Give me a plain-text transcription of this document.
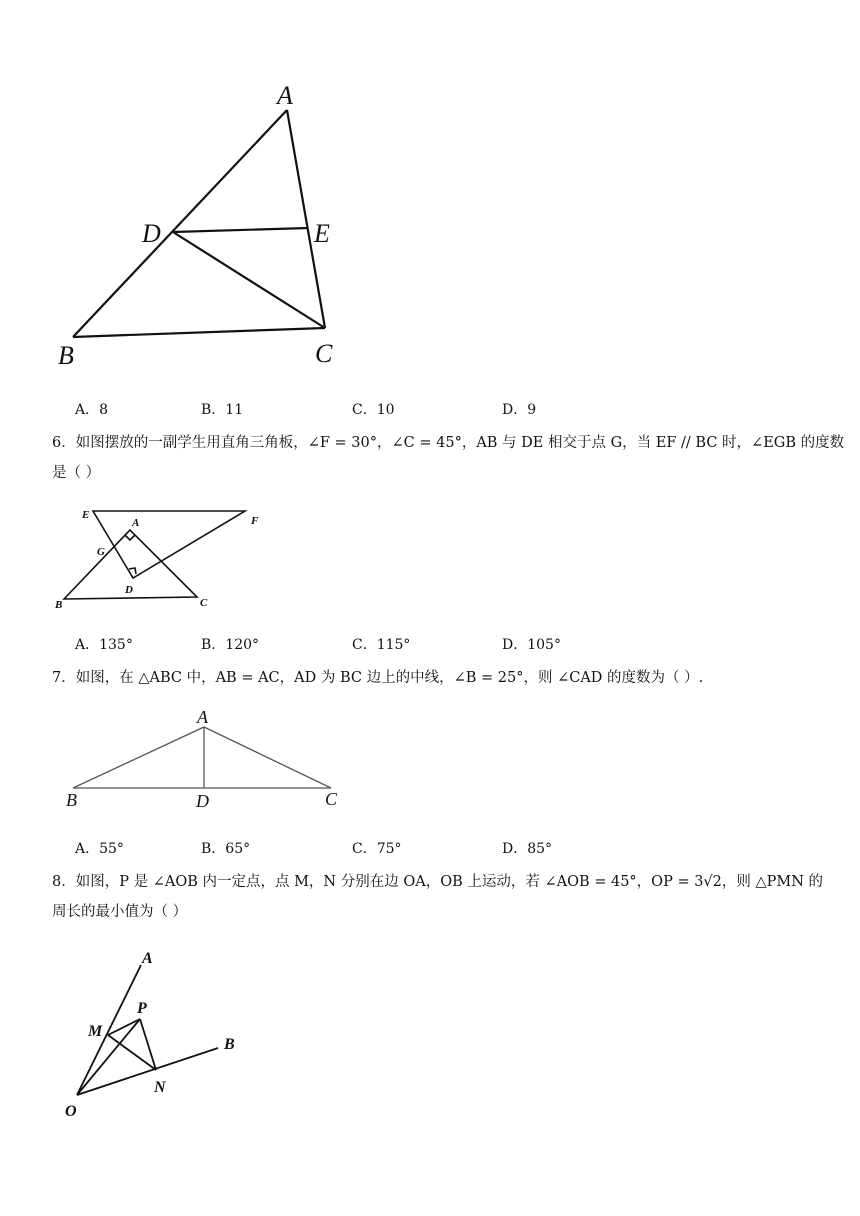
A
B	C
D	E
A．8	B．11	C．10	D．9
6．如图摆放的一副学生用直角三角板，∠F = 30°，∠C = 45°，AB 与 DE 相交于点 G，当 EF // BC 时，∠EGB 的度数
是（ ）
E
A	F
G
B
D
C
A．135°	B．120°	C．115°	D．105°
7．如图，在 △ABC 中，AB = AC，AD 为 BC 边上的中线，∠B = 25°，则 ∠CAD 的度数为（ ）.
A
B	D	C
A．55°	B．65°	C．75°	D．85°
8．如图，P 是 ∠AOB 内一定点，点 M，N 分别在边 OA，OB 上运动，若 ∠AOB = 45°，OP = 3√2，则 △PMN 的
周长的最小值为（ ）
A
P
M
B
N
O
